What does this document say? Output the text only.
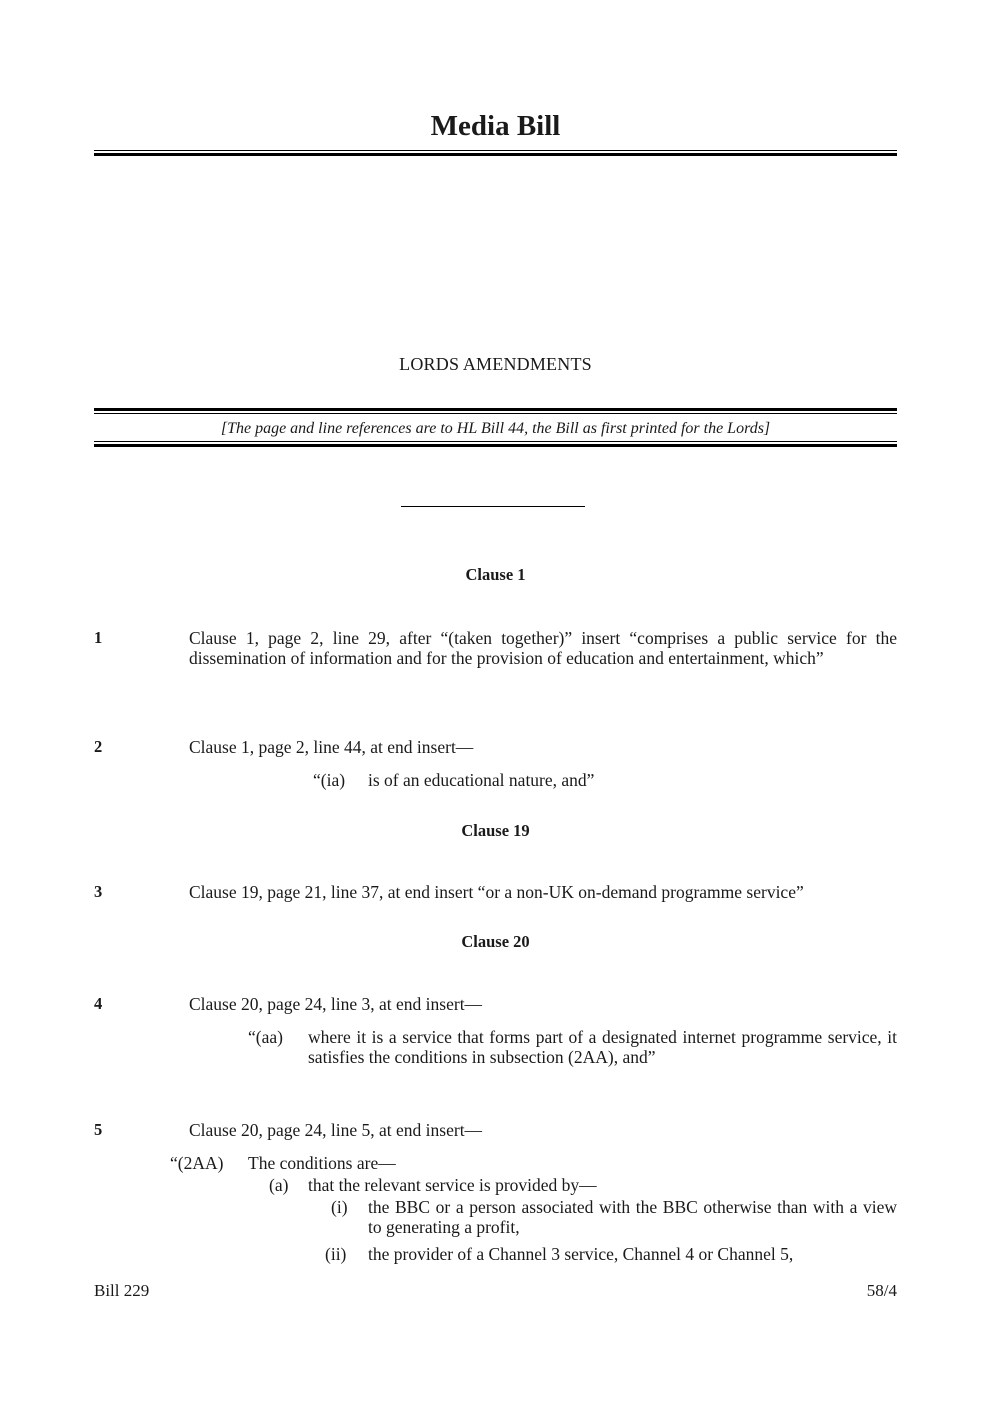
Media Bill
LORDS AMENDMENTS
[The page and line references are to HL Bill 44, the Bill as first printed for the Lords]
Clause 1
1	Clause 1, page 2, line 29, after “(taken together)” insert “comprises a public service for the dissemination of information and for the provision of education and entertainment, which”
2	Clause 1, page 2, line 44, at end insert—
“(ia) is of an educational nature, and”
Clause 19
3	Clause 19, page 21, line 37, at end insert “or a non-UK on-demand programme service”
Clause 20
4	Clause 20, page 24, line 3, at end insert—
“(aa) where it is a service that forms part of a designated internet programme service, it satisfies the conditions in subsection (2AA), and”
5	Clause 20, page 24, line 5, at end insert—
“(2AA) The conditions are—
(a) that the relevant service is provided by—
(i) the BBC or a person associated with the BBC otherwise than with a view to generating a profit,
(ii) the provider of a Channel 3 service, Channel 4 or Channel 5,
Bill 229	58/4
